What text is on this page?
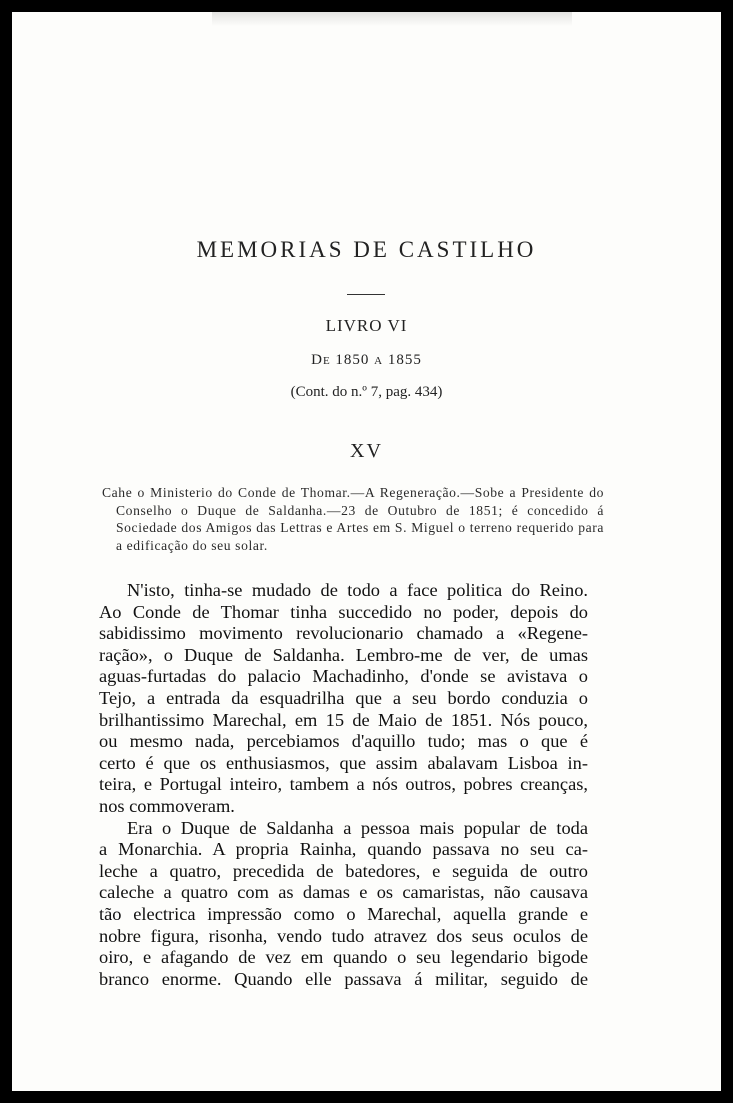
MEMORIAS DE CASTILHO
LIVRO VI
De 1850 a 1855
(Cont. do n.º 7, pag. 434)
XV

Cahe o Ministerio do Conde de Thomar.—A Regeneração.—Sobe a Presidente do Conselho o Duque de Saldanha.—23 de Outubro de 1851; é concedido á Sociedade dos Amigos das Lettras e Artes em S. Miguel o terreno requerido para a edificação do seu solar.

N'isto, tinha-se mudado de todo a face politica do Reino.
Ao Conde de Thomar tinha succedido no poder, depois do
sabidissimo movimento revolucionario chamado a «Regene-
ração», o Duque de Saldanha. Lembro-me de ver, de umas
aguas-furtadas do palacio Machadinho, d'onde se avistava o
Tejo, a entrada da esquadrilha que a seu bordo conduzia o
brilhantissimo Marechal, em 15 de Maio de 1851. Nós pouco,
ou mesmo nada, percebiamos d'aquillo tudo; mas o que é
certo é que os enthusiasmos, que assim abalavam Lisboa in-
teira, e Portugal inteiro, tambem a nós outros, pobres creanças,
nos commoveram.

Era o Duque de Saldanha a pessoa mais popular de toda
a Monarchia. A propria Rainha, quando passava no seu ca-
leche a quatro, precedida de batedores, e seguida de outro
caleche a quatro com as damas e os camaristas, não causava
tão electrica impressão como o Marechal, aquella grande e
nobre figura, risonha, vendo tudo atravez dos seus oculos de
oiro, e afagando de vez em quando o seu legendario bigode
branco enorme. Quando elle passava á militar, seguido de
